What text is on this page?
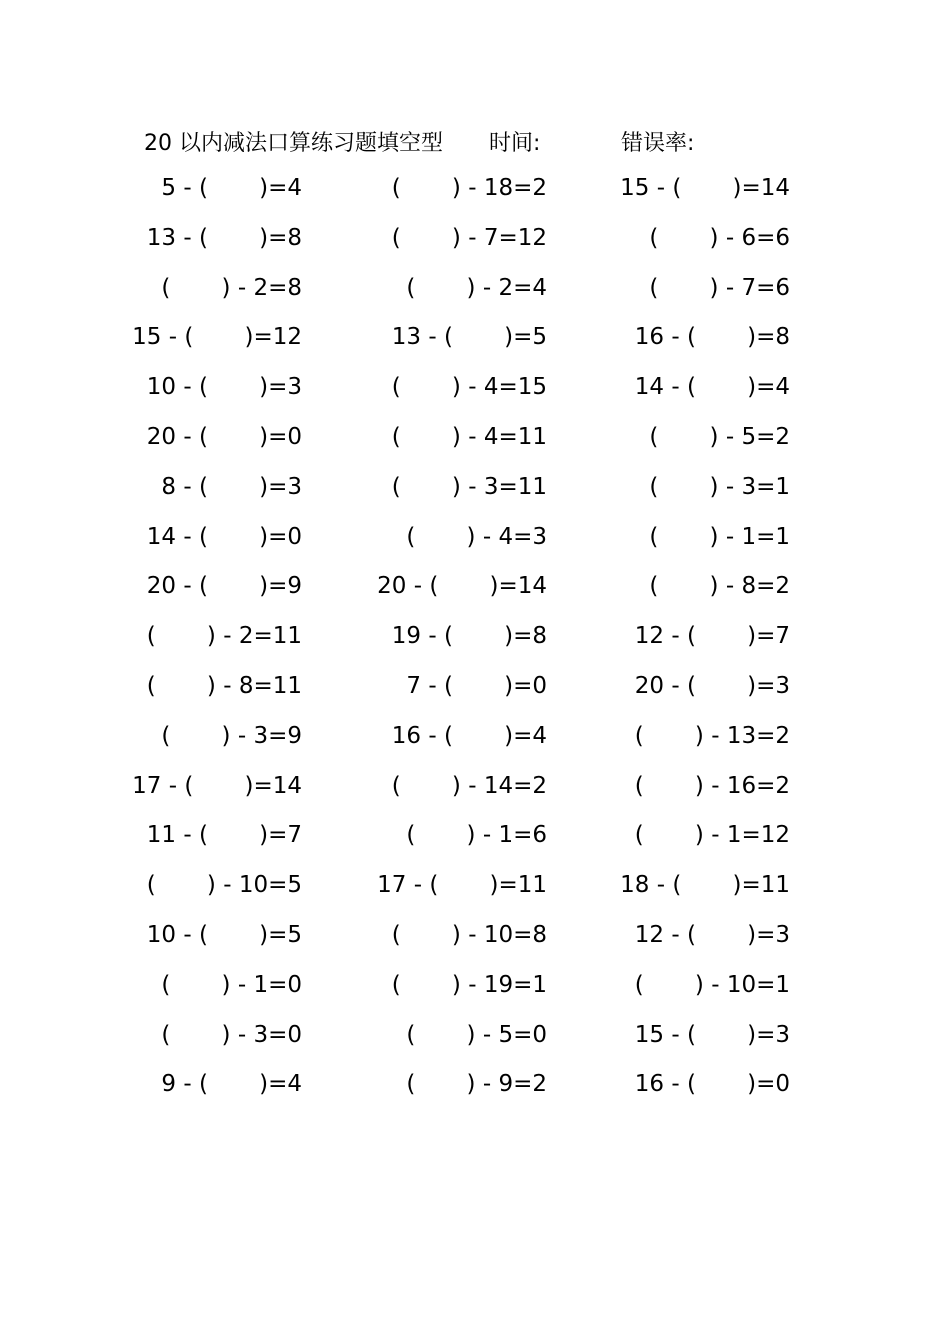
20 以内减法口算练习题填空型 时间:	错误率:
5 - (       )=4	(       ) - 18=2	15 - (       )=14
13 - (       )=8	(       ) - 7=12	(       ) - 6=6
(       ) - 2=8	(       ) - 2=4	(       ) - 7=6
15 - (       )=12	13 - (       )=5	16 - (       )=8
10 - (       )=3	(       ) - 4=15	14 - (       )=4
20 - (       )=0	(       ) - 4=11	(       ) - 5=2
8 - (       )=3	(       ) - 3=11	(       ) - 3=1
14 - (       )=0	(       ) - 4=3	(       ) - 1=1
20 - (       )=9	20 - (       )=14	(       ) - 8=2
(       ) - 2=11	19 - (       )=8	12 - (       )=7
(       ) - 8=11	7 - (       )=0	20 - (       )=3
(       ) - 3=9	16 - (       )=4	(       ) - 13=2
17 - (       )=14	(       ) - 14=2	(       ) - 16=2
11 - (       )=7	(       ) - 1=6	(       ) - 1=12
(       ) - 10=5	17 - (       )=11	18 - (       )=11
10 - (       )=5	(       ) - 10=8	12 - (       )=3
(       ) - 1=0	(       ) - 19=1	(       ) - 10=1
(       ) - 3=0	(       ) - 5=0	15 - (       )=3
9 - (       )=4	(       ) - 9=2	16 - (       )=0
